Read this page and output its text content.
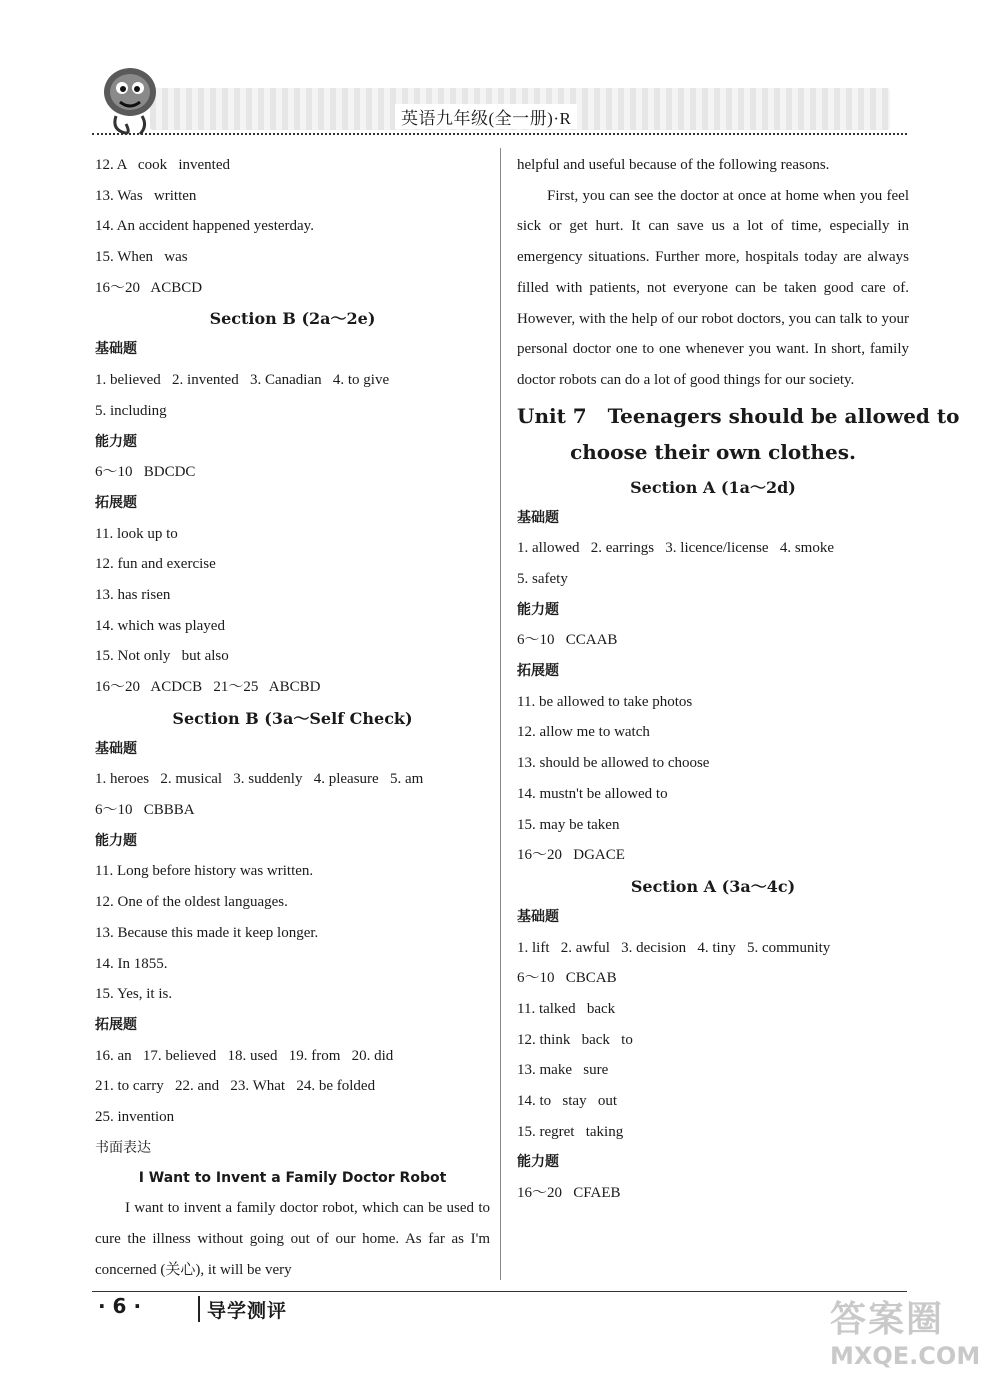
英语九年级(全一册)·R
12. A   cook   invented
13. Was   written
14. An accident happened yesterday.
15. When   was
16～20   ACBCD
Section B (2a～2e)
基础题
1. believed   2. invented   3. Canadian   4. to give
5. including
能力题
6～10   BDCDC
拓展题
11. look up to
12. fun and exercise
13. has risen
14. which was played
15. Not only   but also
16～20   ACDCB   21～25   ABCBD
Section B (3a～Self Check)
基础题
1. heroes   2. musical   3. suddenly   4. pleasure   5. am
6～10   CBBBA
能力题
11. Long before history was written.
12. One of the oldest languages.
13. Because this made it keep longer.
14. In 1855.
15. Yes, it is.
拓展题
16. an   17. believed   18. used   19. from   20. did
21. to carry   22. and   23. What   24. be folded
25. invention
书面表达
I Want to Invent a Family Doctor Robot

I want to invent a family doctor robot, which can be used to cure the illness without going out of our home. As far as I'm concerned (关心), it will be very

helpful and useful because of the following reasons.

First, you can see the doctor at once at home when you feel sick or get hurt. It can save us a lot of time, especially in emergency situations. Further more, hospitals today are always filled with patients, not everyone can be taken good care of. However, with the help of our robot doctors, you can talk to your personal doctor one to one whenever you want. In short, family doctor robots can do a lot of good things for our society.

Unit 7   Teenagers should be allowed to
choose their own clothes.
Section A (1a～2d)
基础题
1. allowed   2. earrings   3. licence/license   4. smoke
5. safety
能力题
6～10   CCAAB
拓展题
11. be allowed to take photos
12. allow me to watch
13. should be allowed to choose
14. mustn't be allowed to
15. may be taken
16～20   DGACE
Section A (3a～4c)
基础题
1. lift   2. awful   3. decision   4. tiny   5. community
6～10   CBCAB
11. talked   back
12. think   back   to
13. make   sure
14. to   stay   out
15. regret   taking
能力题
16～20   CFAEB
· 6 ·	导学测评	答案圈
MXQE.COM
